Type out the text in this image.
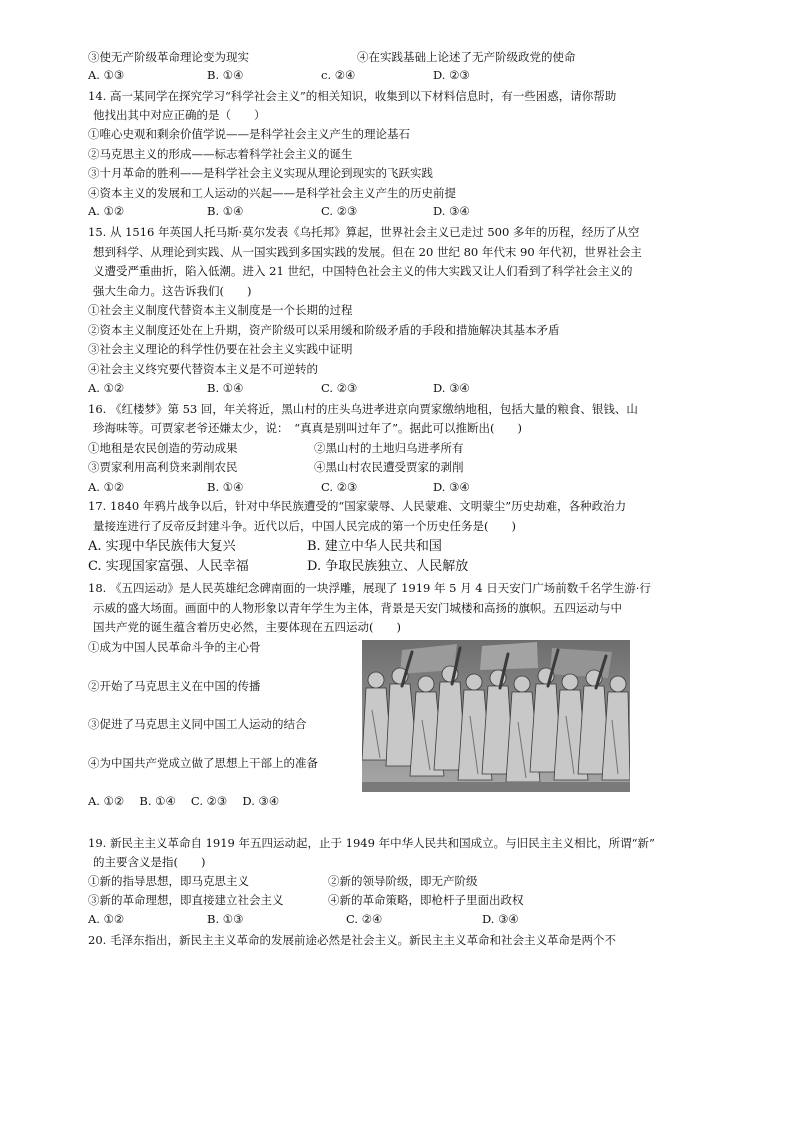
③使无产阶级革命理论变为现实	④在实践基础上论述了无产阶级政党的使命
A. ①③	B. ①④	c. ②④	D. ②③
14. 高一某同学在探究学习“科学社会主义”的相关知识，收集到以下材料信息时，有一些困惑，请你帮助
他找出其中对应正确的是（　　）
①唯心史观和剩余价值学说——是科学社会主义产生的理论基石
②马克思主义的形成——标志着科学社会主义的诞生
③十月革命的胜利——是科学社会主义实现从理论到现实的飞跃实践
④资本主义的发展和工人运动的兴起——是科学社会主义产生的历史前提
A. ①②	B. ①④	C. ②③	D. ③④
15. 从 1516 年英国人托马斯·莫尔发表《乌托邦》算起，世界社会主义已走过 500 多年的历程，经历了从空
想到科学、从理论到实践、从一国实践到多国实践的发展。但在 20 世纪 80 年代末 90 年代初，世界社会主
义遭受严重曲折，陷入低潮。进入 21 世纪，中国特色社会主义的伟大实践又让人们看到了科学社会主义的
强大生命力。这告诉我们(　　)
①社会主义制度代替资本主义制度是一个长期的过程
②资本主义制度还处在上升期，资产阶级可以采用缓和阶级矛盾的手段和措施解决其基本矛盾
③社会主义理论的科学性仍要在社会主义实践中证明
④社会主义终究要代替资本主义是不可逆转的
A. ①②	B. ①④	C. ②③	D. ③④
16. 《红楼梦》第 53 回，年关将近，黑山村的庄头乌进孝进京向贾家缴纳地租，包括大量的粮食、银钱、山
珍海味等。可贾家老爷还嫌太少，说：　“真真是别叫过年了”。据此可以推断出(　　)
①地租是农民创造的劳动成果	②黑山村的土地归乌进孝所有
③贾家利用高利贷来剥削农民	④黑山村农民遭受贾家的剥削
A. ①②	B. ①④	C. ②③	D. ③④
17. 1840 年鸦片战争以后，针对中华民族遭受的“国家蒙辱、人民蒙难、文明蒙尘”历史劫难，各种政治力
量接连进行了反帝反封建斗争。近代以后，中国人民完成的第一个历史任务是(　　)
A. 实现中华民族伟大复兴	B. 建立中华人民共和国
C. 实现国家富强、人民幸福	D. 争取民族独立、人民解放
18. 《五四运动》是人民英雄纪念碑南面的一块浮雕，展现了 1919 年 5 月 4 日天安门广场前数千名学生游·行
示威的盛大场面。画面中的人物形象以青年学生为主体，背景是天安门城楼和高扬的旗帜。五四运动与中
国共产党的诞生蕴含着历史必然，主要体现在五四运动(　　)
①成为中国人民革命斗争的主心骨
②开始了马克思主义在中国的传播
③促进了马克思主义同中国工人运动的结合
④为中国共产党成立做了思想上干部上的准备
A. ①②　 B. ①④　 C. ②③　 D. ③④
19. 新民主主义革命自 1919 年五四运动起，止于 1949 年中华人民共和国成立。与旧民主主义相比，所谓“新”
的主要含义是指(　　)
①新的指导思想，即马克思主义	②新的领导阶级，即无产阶级
③新的革命理想，即直接建立社会主义	④新的革命策略，即枪杆子里面出政权
A. ①②	B. ①③	C. ②④	D. ③④
20. 毛泽东指出，新民主主义革命的发展前途必然是社会主义。新民主主义革命和社会主义革命是两个不
